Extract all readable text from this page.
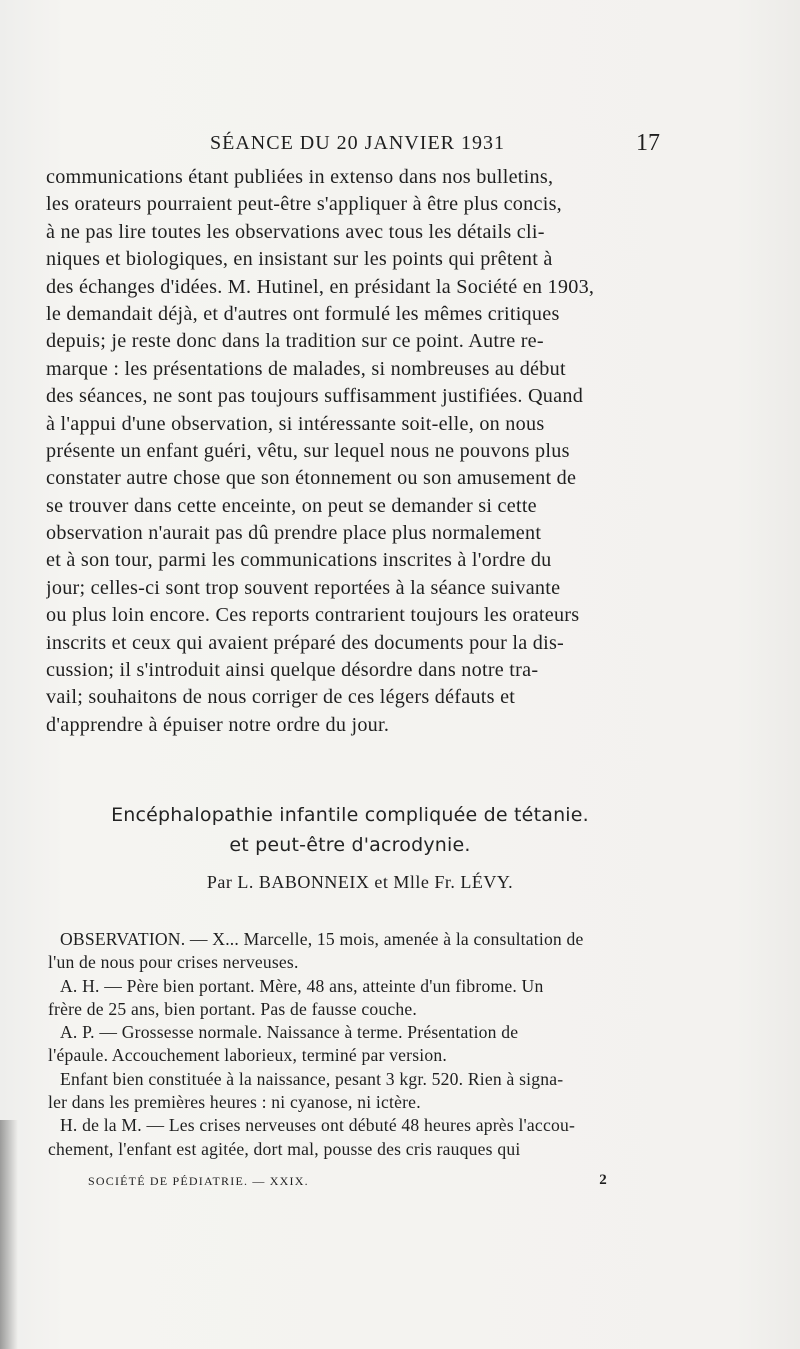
SÉANCE DU 20 JANVIER 1931	17
communications étant publiées in extenso dans nos bulletins,
les orateurs pourraient peut-être s'appliquer à être plus concis,
à ne pas lire toutes les observations avec tous les détails cli-
niques et biologiques, en insistant sur les points qui prêtent à
des échanges d'idées. M. Hutinel, en présidant la Société en 1903,
le demandait déjà, et d'autres ont formulé les mêmes critiques
depuis; je reste donc dans la tradition sur ce point. Autre re-
marque : les présentations de malades, si nombreuses au début
des séances, ne sont pas toujours suffisamment justifiées. Quand
à l'appui d'une observation, si intéressante soit-elle, on nous
présente un enfant guéri, vêtu, sur lequel nous ne pouvons plus
constater autre chose que son étonnement ou son amusement de
se trouver dans cette enceinte, on peut se demander si cette
observation n'aurait pas dû prendre place plus normalement
et à son tour, parmi les communications inscrites à l'ordre du
jour; celles-ci sont trop souvent reportées à la séance suivante
ou plus loin encore. Ces reports contrarient toujours les orateurs
inscrits et ceux qui avaient préparé des documents pour la dis-
cussion; il s'introduit ainsi quelque désordre dans notre tra-
vail; souhaitons de nous corriger de ces légers défauts et
d'apprendre à épuiser notre ordre du jour.
Encéphalopathie infantile compliquée de tétanie.
et peut-être d'acrodynie.
Par L. BABONNEIX et Mlle Fr. LÉVY.
OBSERVATION. — X... Marcelle, 15 mois, amenée à la consultation de
l'un de nous pour crises nerveuses.
A. H. — Père bien portant. Mère, 48 ans, atteinte d'un fibrome. Un
frère de 25 ans, bien portant. Pas de fausse couche.
A. P. — Grossesse normale. Naissance à terme. Présentation de
l'épaule. Accouchement laborieux, terminé par version.
Enfant bien constituée à la naissance, pesant 3 kgr. 520. Rien à signa-
ler dans les premières heures : ni cyanose, ni ictère.
H. de la M. — Les crises nerveuses ont débuté 48 heures après l'accou-
chement, l'enfant est agitée, dort mal, pousse des cris rauques qui
SOCIÉTÉ DE PÉDIATRIE. — XXIX.	2
